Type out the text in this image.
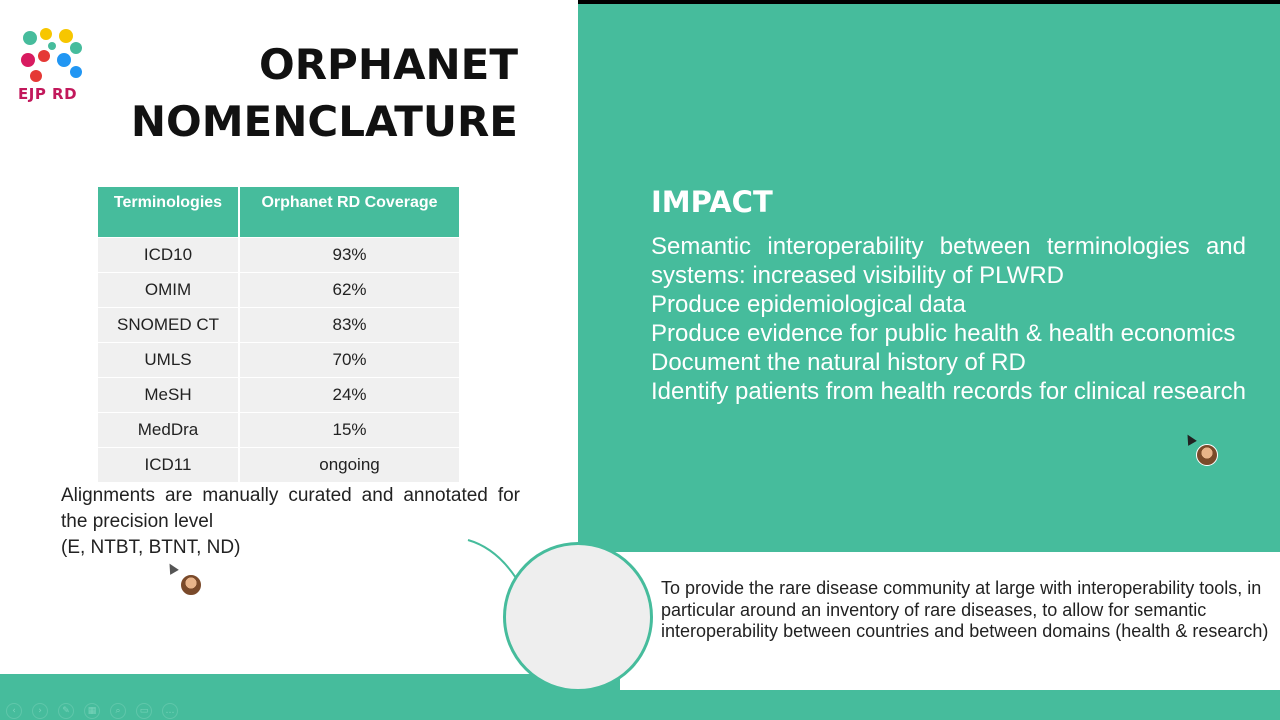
EJP RD
ORPHANET
NOMENCLATURE
Terminologies	Orphanet RD Coverage
ICD10	93%
OMIM	62%
SNOMED CT	83%
UMLS	70%
MeSH	24%
MedDra	15%
ICD11	ongoing
Alignments are manually curated and annotated for the precision level
(E, NTBT, BTNT, ND)
IMPACT

Semantic interoperability between terminologies and systems: increased visibility of PLWRD

Produce epidemiological data

Produce evidence for public health & health economics

Document the natural history of RD

Identify patients from health records for clinical research

To provide the rare disease community at large with interoperability tools, in particular around an inventory of rare diseases, to allow for semantic interoperability between countries and between domains (health & research)
‹	›	✎	▦	⌕	▭	…
